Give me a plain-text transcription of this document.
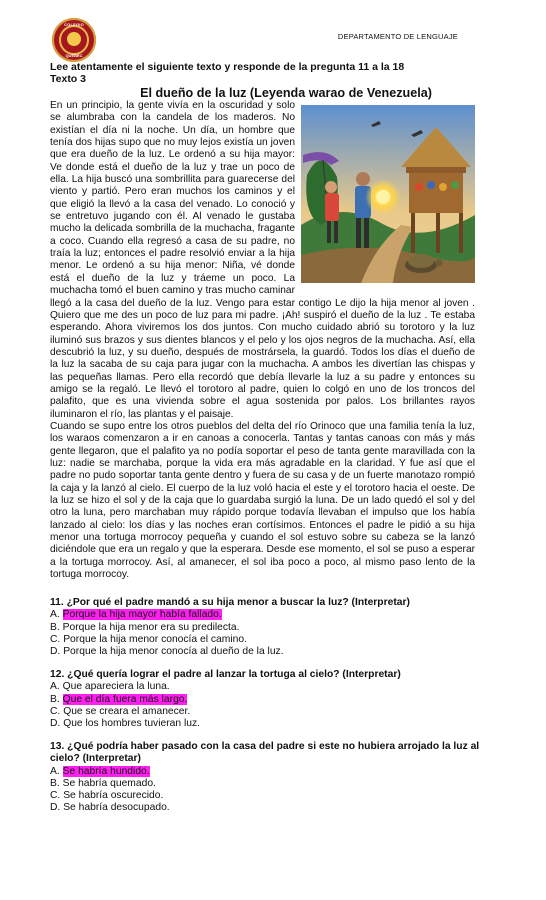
COLEGIO
QUEBEC
DEPARTAMENTO DE LENGUAJE
Lee atentamente el siguiente texto y responde de la pregunta 11 a la 18
Texto 3
El dueño de la luz (Leyenda warao de Venezuela)

En un principio, la gente vivía en la oscuridad y solo se alumbraba con la candela de los maderos. No existían el día ni la noche. Un día, un hombre que tenía dos hijas supo que no muy lejos existía un joven que era dueño de la luz. Le ordenó a su hija mayor: Ve donde está el dueño de la luz y trae un poco de ella. La hija buscó una sombrillita para guarecerse del viento y partió. Pero eran muchos los caminos y el que eligió la llevó a la casa del venado. Lo conoció y se entretuvo jugando con él. Al venado le gustaba mucho la delicada sombrilla de la muchacha, fragante a coco. Cuando ella regresó a casa de su padre, no traía la luz; entonces el padre resolvió enviar a la hija menor. Le ordenó a su hija menor: Niña, vé donde está el dueño de la luz y tráeme un poco. La muchacha tomó el buen camino y tras mucho caminar llegó a la casa del dueño de la luz. Vengo para estar contigo Le dijo la hija menor al joven . Quiero que me des un poco de luz para mi padre. ¡Ah! suspiró el dueño de la luz . Te estaba esperando. Ahora viviremos los dos juntos. Con mucho cuidado abrió su torotoro y la luz iluminó sus brazos y sus dientes blancos y el pelo y los ojos negros de la muchacha. Así, ella descubrió la luz, y su dueño, después de mostrársela, la guardó. Todos los días el dueño de la luz la sacaba de su caja para jugar con la muchacha. A ambos les divertían las chispas y las pequeñas llamas. Pero ella recordó que debía llevarle la luz a su padre y entonces su amigo se la regaló. Le llevó el torotoro al padre, quien lo colgó en uno de los troncos del palafito, que es una vivienda sobre el agua sostenida por palos. Los brillantes rayos iluminaron el río, las plantas y el paisaje.

Cuando se supo entre los otros pueblos del delta del río Orinoco que una familia tenía la luz, los waraos comenzaron a ir en canoas a conocerla. Tantas y tantas canoas con más y más gente llegaron, que el palafito ya no podía soportar el peso de tanta gente maravillada con la luz: nadie se marchaba, porque la vida era más agradable en la claridad. Y fue así que el padre no pudo soportar tanta gente dentro y fuera de su casa y de un fuerte manotazo rompió la caja y la lanzó al cielo. El cuerpo de la luz voló hacia el este y el torotoro hacia el oeste. De la luz se hizo el sol y de la caja que lo guardaba surgió la luna. De un lado quedó el sol y del otro la luna, pero marchaban muy rápido porque todavía llevaban el impulso que los había lanzado al cielo: los días y las noches eran cortísimos. Entonces el padre le pidió a su hija menor una tortuga morrocoy pequeña y cuando el sol estuvo sobre su cabeza se la lanzó diciéndole que era un regalo y que la esperara. Desde ese momento, el sol se puso a esperar a la tortuga morrocoy. Así, al amanecer, el sol iba poco a poco, al mismo paso lento de la tortuga morrocoy.

11. ¿Por qué el padre mandó a su hija menor a buscar la luz? (Interpretar)
A. Porque la hija mayor había fallado.
B. Porque la hija menor era su predilecta.
C. Porque la hija menor conocía el camino.
D. Porque la hija menor conocía al dueño de la luz.
12. ¿Qué quería lograr el padre al lanzar la tortuga al cielo? (Interpretar)
A. Que apareciera la luna.
B. Que el día fuera más largo.
C. Que se creara el amanecer.
D. Que los hombres tuvieran luz.
13. ¿Qué podría haber pasado con la casa del padre si este no hubiera arrojado la luz al cielo? (Interpretar)
A. Se habría hundido.
B. Se habría quemado.
C. Se habría oscurecido.
D. Se habría desocupado.
